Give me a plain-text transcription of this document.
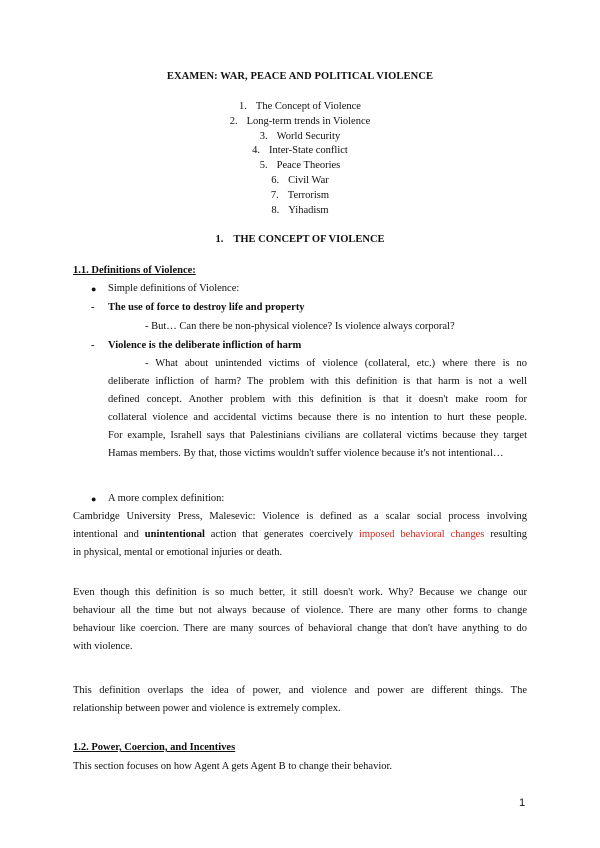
EXAMEN: WAR, PEACE AND POLITICAL VIOLENCE
1. The Concept of Violence
2. Long-term trends in Violence
3. World Security
4. Inter-State conflict
5. Peace Theories
6. Civil War
7. Terrorism
8. Yihadism
1. THE CONCEPT OF VIOLENCE
1.1. Definitions of Violence:
● Simple definitions of Violence:
- The use of force to destroy life and property
- But… Can there be non-physical violence? Is violence always corporal?
- Violence is the deliberate infliction of harm
- What about unintended victims of violence (collateral, etc.) where there is no
deliberate infliction of harm? The problem with this definition is that harm is not a well
defined concept. Another problem with this definition is that it doesn't make room for
collateral violence and accidental victims because there is no intention to hurt these people.
For example, Israhell says that Palestinians civilians are collateral victims because they target
Hamas members. By that, those victims wouldn't suffer violence because it's not intentional…
● A more complex definition:
Cambridge University Press, Malesevic: Violence is defined as a scalar social process involving
intentional and unintentional action that generates coercively imposed behavioral changes resulting
in physical, mental or emotional injuries or death.
Even though this definition is so much better, it still doesn't work. Why? Because we change our
behaviour all the time but not always because of violence. There are many other forms to change
behaviour like coercion. There are many sources of behavioral change that don't have anything to do
with violence.
This definition overlaps the idea of power, and violence and power are different things. The
relationship between power and violence is extremely complex.
1.2. Power, Coercion, and Incentives
This section focuses on how Agent A gets Agent B to change their behavior.
1
